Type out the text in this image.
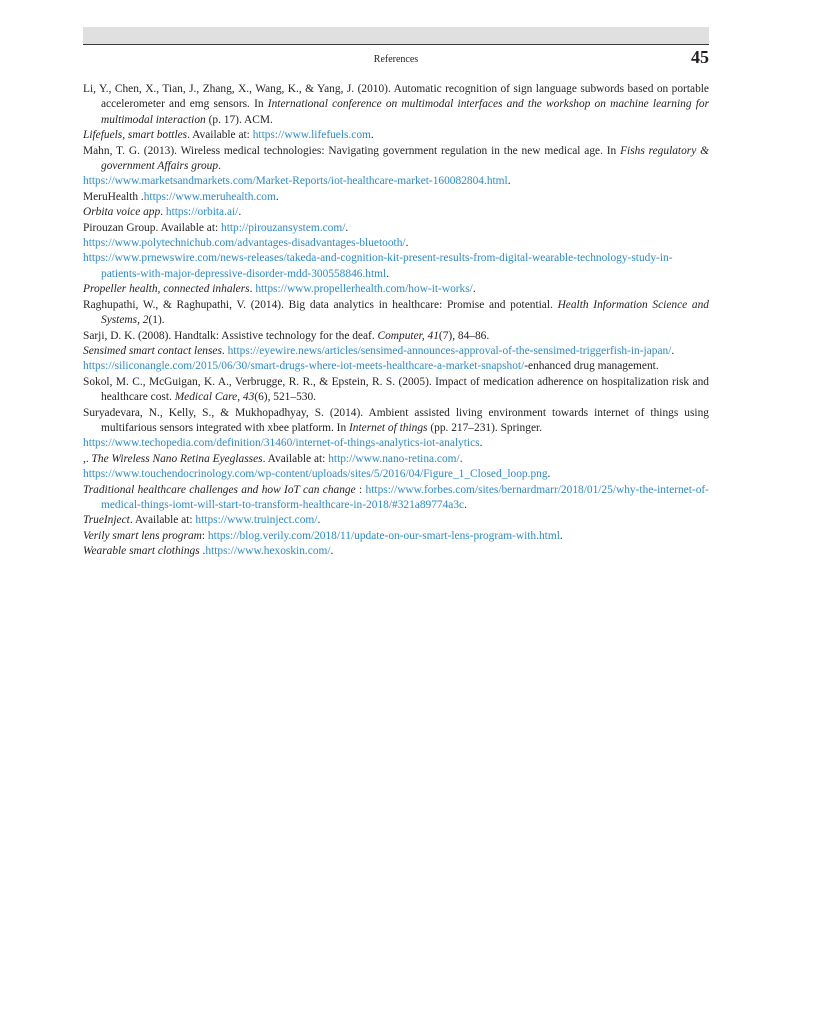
References	45
Li, Y., Chen, X., Tian, J., Zhang, X., Wang, K., & Yang, J. (2010). Automatic recognition of sign language subwords based on portable accelerometer and emg sensors. In International conference on multimodal interfaces and the workshop on machine learning for multimodal interaction (p. 17). ACM.
Lifefuels, smart bottles. Available at: https://www.lifefuels.com.
Mahn, T. G. (2013). Wireless medical technologies: Navigating government regulation in the new medical age. In Fishs regulatory & government Affairs group.
https://www.marketsandmarkets.com/Market-Reports/iot-healthcare-market-160082804.html.
MeruHealth .https://www.meruhealth.com.
Orbita voice app. https://orbita.ai/.
Pirouzan Group. Available at: http://pirouzansystem.com/.
https://www.polytechnichub.com/advantages-disadvantages-bluetooth/.
https://www.prnewswire.com/news-releases/takeda-and-cognition-kit-present-results-from-digital-wearable-technology-study-in-patients-with-major-depressive-disorder-mdd-300558846.html.
Propeller health, connected inhalers. https://www.propellerhealth.com/how-it-works/.
Raghupathi, W., & Raghupathi, V. (2014). Big data analytics in healthcare: Promise and potential. Health Information Science and Systems, 2(1).
Sarji, D. K. (2008). Handtalk: Assistive technology for the deaf. Computer, 41(7), 84–86.
Sensimed smart contact lenses. https://eyewire.news/articles/sensimed-announces-approval-of-the-sensimed-triggerfish-in-japan/.
https://siliconangle.com/2015/06/30/smart-drugs-where-iot-meets-healthcare-a-market-snapshot/-enhanced drug management.
Sokol, M. C., McGuigan, K. A., Verbrugge, R. R., & Epstein, R. S. (2005). Impact of medication adherence on hospitalization risk and healthcare cost. Medical Care, 43(6), 521–530.
Suryadevara, N., Kelly, S., & Mukhopadhyay, S. (2014). Ambient assisted living environment towards internet of things using multifarious sensors integrated with xbee platform. In Internet of things (pp. 217–231). Springer.
https://www.techopedia.com/definition/31460/internet-of-things-analytics-iot-analytics.
,. The Wireless Nano Retina Eyeglasses. Available at: http://www.nano-retina.com/.
https://www.touchendocrinology.com/wp-content/uploads/sites/5/2016/04/Figure_1_Closed_loop.png.
Traditional healthcare challenges and how IoT can change : https://www.forbes.com/sites/bernardmarr/2018/01/25/why-the-internet-of-medical-things-iomt-will-start-to-transform-healthcare-in-2018/#321a89774a3c.
TrueInject. Available at: https://www.truinject.com/.
Verily smart lens program: https://blog.verily.com/2018/11/update-on-our-smart-lens-program-with.html.
Wearable smart clothings .https://www.hexoskin.com/.
